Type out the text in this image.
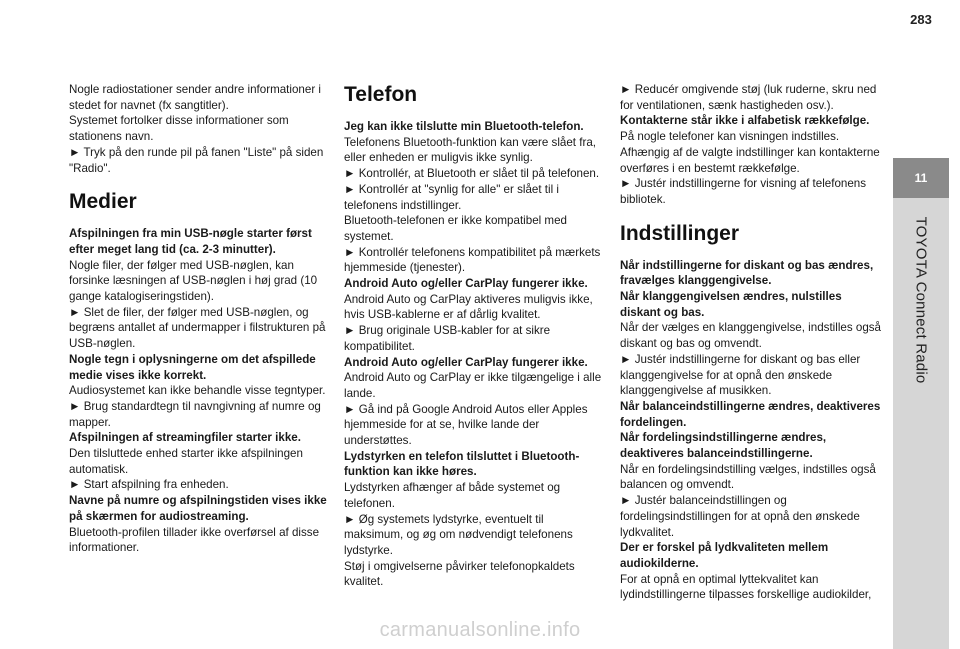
283
11
TOYOTA Connect Radio

Nogle radiostationer sender andre informationer i stedet for navnet (fx sangtitler).

Systemet fortolker disse informationer som stationens navn.

► Tryk på den runde pil på fanen "Liste" på siden "Radio".

Medier

Afspilningen fra min USB-nøgle starter først efter meget lang tid (ca. 2-3 minutter).

Nogle filer, der følger med USB-nøglen, kan forsinke læsningen af USB-nøglen i høj grad (10 gange katalogiseringstiden).

► Slet de filer, der følger med USB-nøglen, og begræns antallet af undermapper i filstrukturen på USB-nøglen.

Nogle tegn i oplysningerne om det afspillede medie vises ikke korrekt.

Audiosystemet kan ikke behandle visse tegntyper.

► Brug standardtegn til navngivning af numre og mapper.

Afspilningen af streamingfiler starter ikke.

Den tilsluttede enhed starter ikke afspilningen automatisk.

► Start afspilning fra enheden.

Navne på numre og afspilningstiden vises ikke på skærmen for audiostreaming.

Bluetooth-profilen tillader ikke overførsel af disse informationer.

Telefon

Jeg kan ikke tilslutte min Bluetooth-telefon.

Telefonens Bluetooth-funktion kan være slået fra, eller enheden er muligvis ikke synlig.

► Kontrollér, at Bluetooth er slået til på telefonen.

► Kontrollér at "synlig for alle" er slået til i telefonens indstillinger.

Bluetooth-telefonen er ikke kompatibel med systemet.

► Kontrollér telefonens kompatibilitet på mærkets hjemmeside (tjenester).

Android Auto og/eller CarPlay fungerer ikke.

Android Auto og CarPlay aktiveres muligvis ikke, hvis USB-kablerne er af dårlig kvalitet.

► Brug originale USB-kabler for at sikre kompatibilitet.

Android Auto og/eller CarPlay fungerer ikke.

Android Auto og CarPlay er ikke tilgængelige i alle lande.

► Gå ind på Google Android Autos eller Apples hjemmeside for at se, hvilke lande der understøttes.

Lydstyrken en telefon tilsluttet i Bluetooth-funktion kan ikke høres.

Lydstyrken afhænger af både systemet og telefonen.

► Øg systemets lydstyrke, eventuelt til maksimum, og øg om nødvendigt telefonens lydstyrke.

Støj i omgivelserne påvirker telefonopkaldets kvalitet.

► Reducér omgivende støj (luk ruderne, skru ned for ventilationen, sænk hastigheden osv.).

Kontakterne står ikke i alfabetisk rækkefølge.

På nogle telefoner kan visningen indstilles. Afhængig af de valgte indstillinger kan kontakterne overføres i en bestemt rækkefølge.

► Justér indstillingerne for visning af telefonens bibliotek.

Indstillinger

Når indstillingerne for diskant og bas ændres, fravælges klanggengivelse.

Når klanggengivelsen ændres, nulstilles diskant og bas.

Når der vælges en klanggengivelse, indstilles også diskant og bas og omvendt.

► Justér indstillingerne for diskant og bas eller klanggengivelse for at opnå den ønskede klanggengivelse af musikken.

Når balanceindstillingerne ændres, deaktiveres fordelingen.

Når fordelingsindstillingerne ændres, deaktiveres balanceindstillingerne.

Når en fordelingsindstilling vælges, indstilles også balancen og omvendt.

► Justér balanceindstillingen og fordelingsindstillingen for at opnå den ønskede lydkvalitet.

Der er forskel på lydkvaliteten mellem audiokilderne.

For at opnå en optimal lyttekvalitet kan lydindstillingerne tilpasses forskellige audiokilder,

carmanualsonline.info
